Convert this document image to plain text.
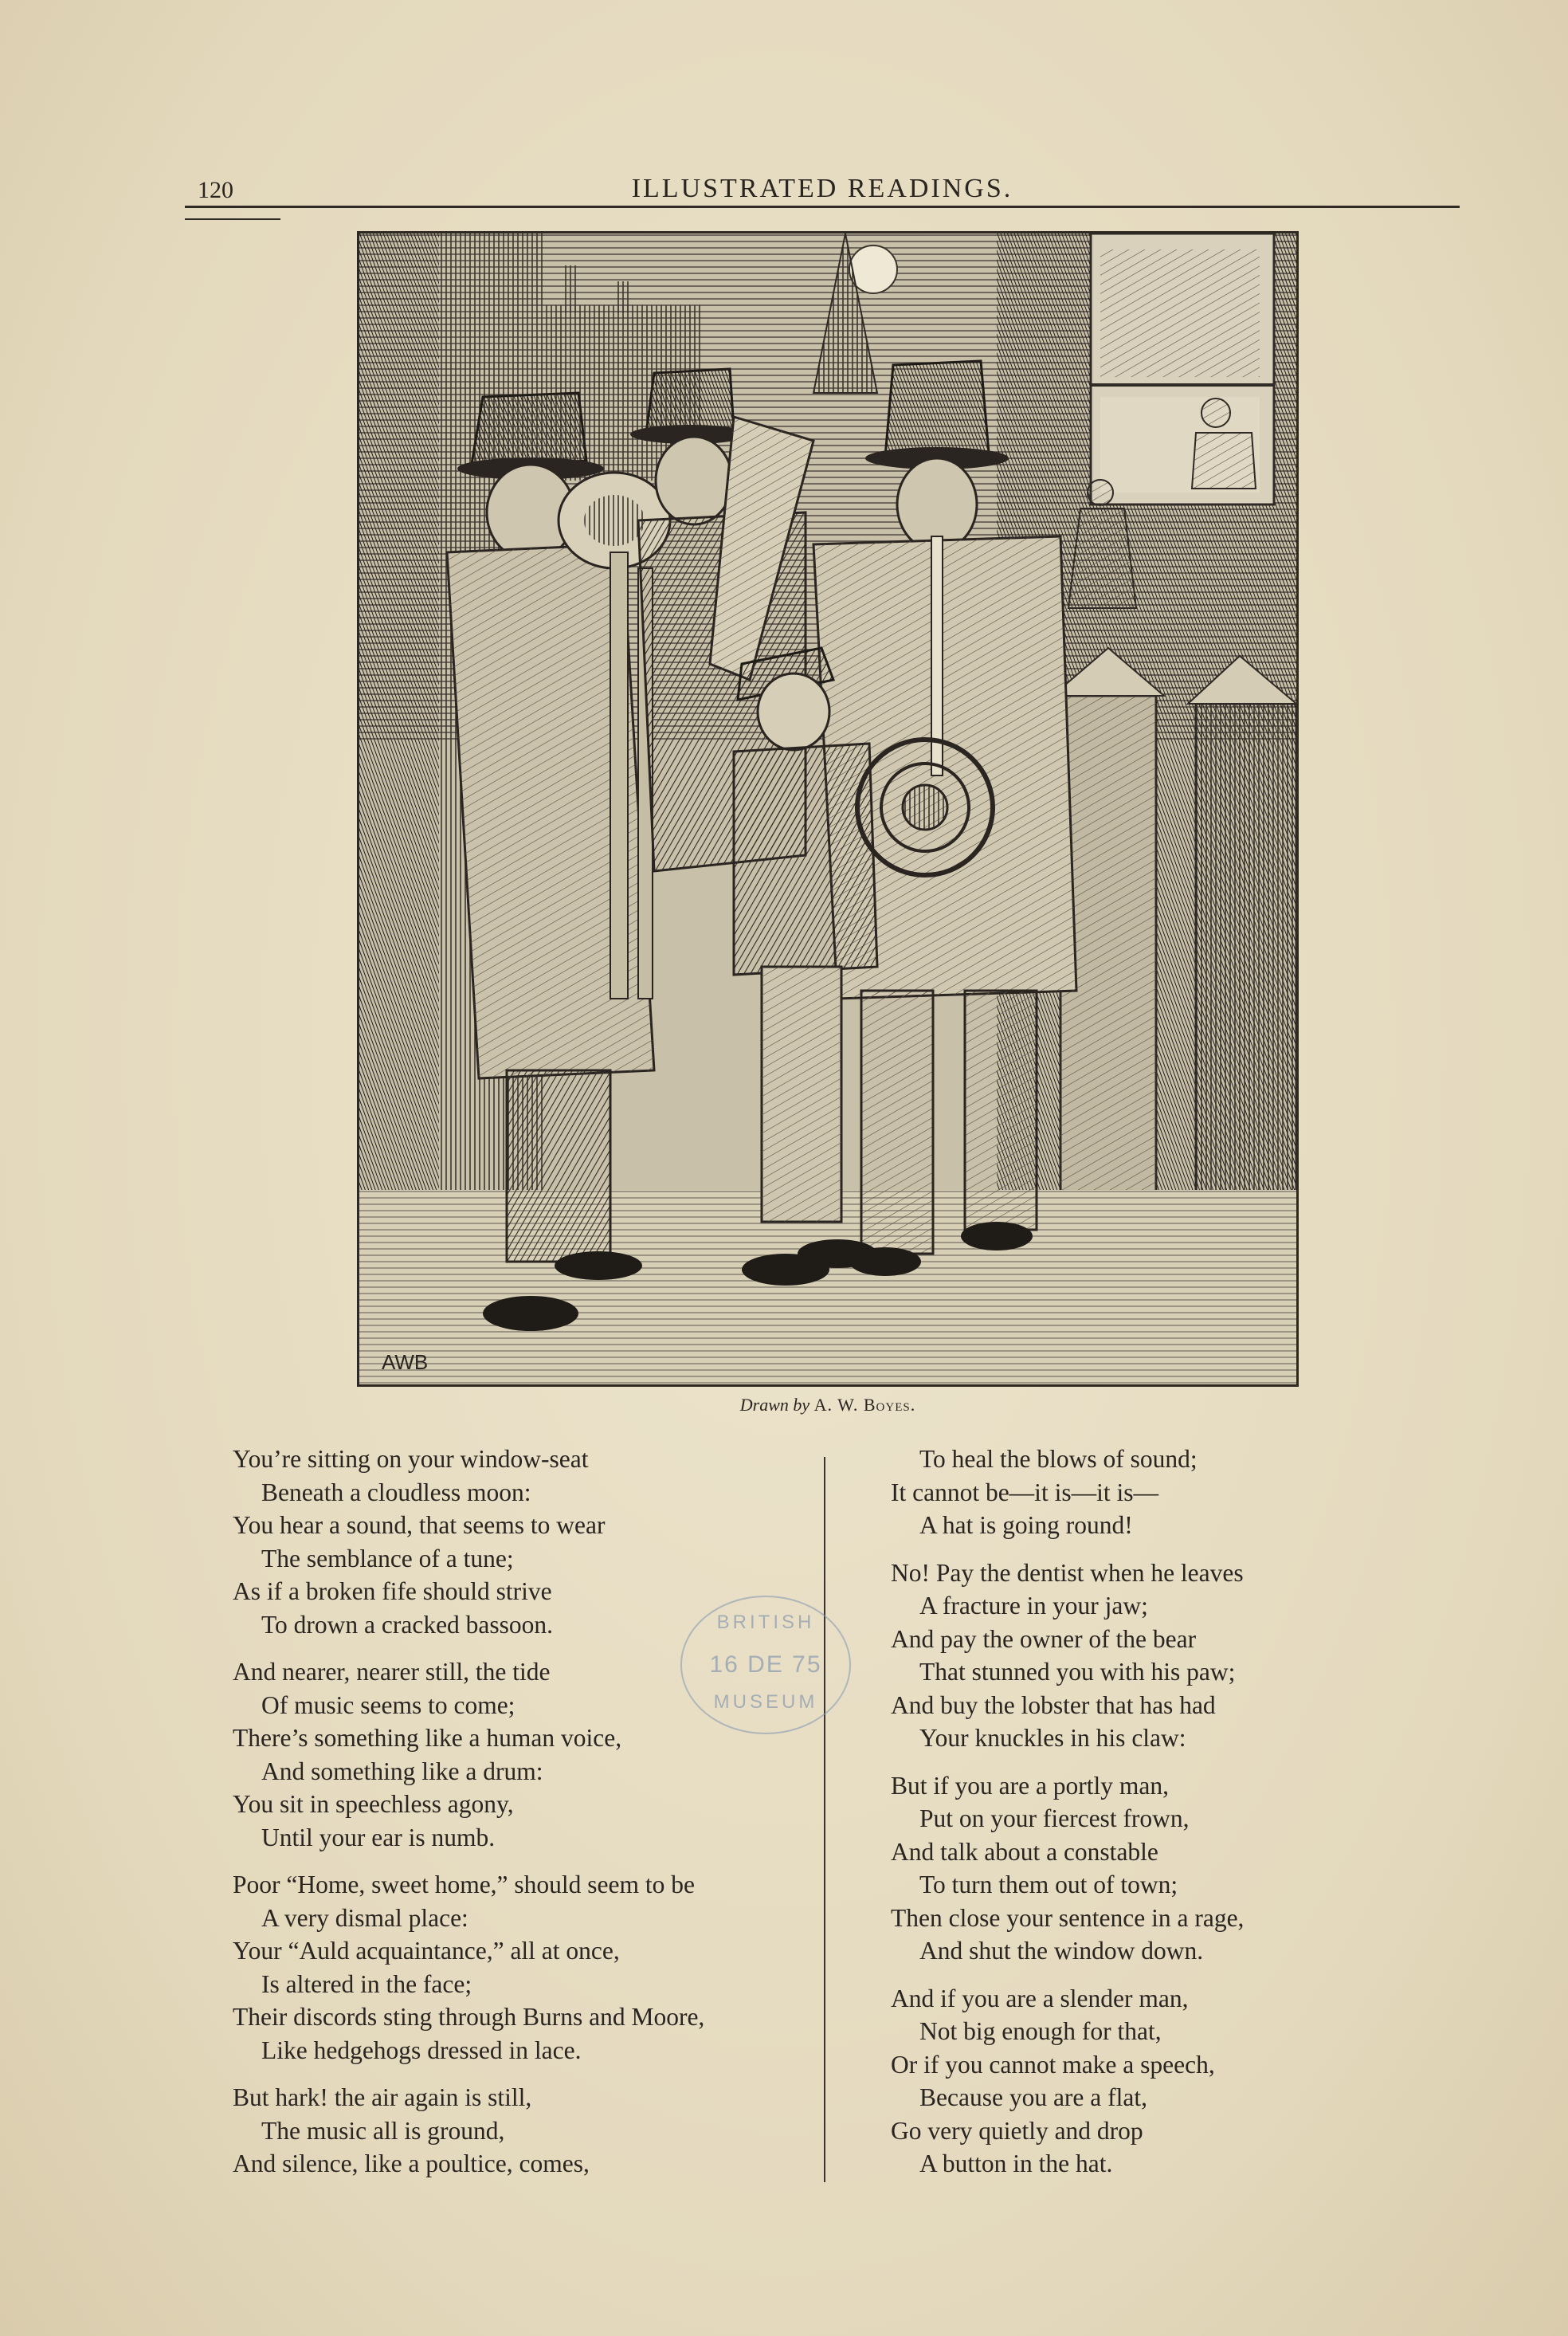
120	ILLUSTRATED READINGS.
AWB
Drawn by A. W. Boyes.
You’re sitting on your window-seat
Beneath a cloudless moon:
You hear a sound, that seems to wear
The semblance of a tune;
As if a broken fife should strive
To drown a cracked bassoon.
And nearer, nearer still, the tide
Of music seems to come;
There’s something like a human voice,
And something like a drum:
You sit in speechless agony,
Until your ear is numb.
Poor “Home, sweet home,” should seem to be
A very dismal place:
Your “Auld acquaintance,” all at once,
Is altered in the face;
Their discords sting through Burns and Moore,
Like hedgehogs dressed in lace.
But hark! the air again is still,
The music all is ground,
And silence, like a poultice, comes,
To heal the blows of sound;
It cannot be—it is—it is—
A hat is going round!
No! Pay the dentist when he leaves
A fracture in your jaw;
And pay the owner of the bear
That stunned you with his paw;
And buy the lobster that has had
Your knuckles in his claw:
But if you are a portly man,
Put on your fiercest frown,
And talk about a constable
To turn them out of town;
Then close your sentence in a rage,
And shut the window down.
And if you are a slender man,
Not big enough for that,
Or if you cannot make a speech,
Because you are a flat,
Go very quietly and drop
A button in the hat.
BRITISH
16 DE 75
MUSEUM
